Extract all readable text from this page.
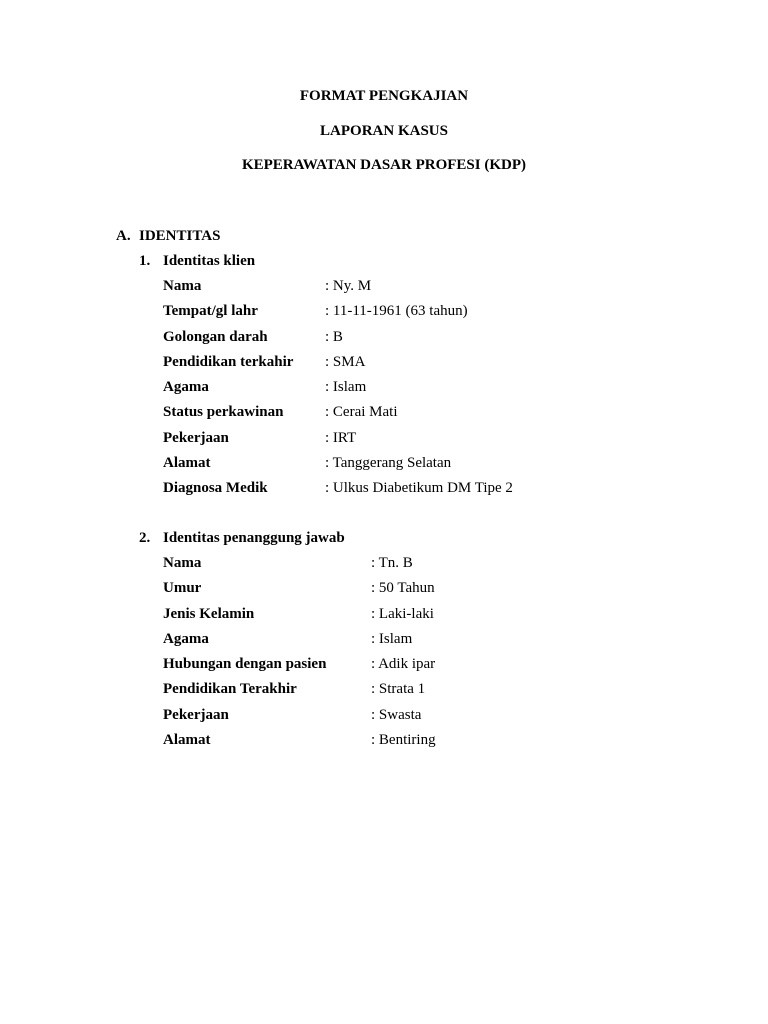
FORMAT PENGKAJIAN
LAPORAN KASUS
KEPERAWATAN DASAR PROFESI (KDP)
A. IDENTITAS
1. Identitas klien
Nama	: Ny. M
Tempat/gl lahr	: 11-11-1961 (63 tahun)
Golongan darah	: B
Pendidikan terkahir : SMA
Agama	: Islam
Status perkawinan	: Cerai Mati
Pekerjaan	: IRT
Alamat	: Tanggerang Selatan
Diagnosa Medik	: Ulkus Diabetikum DM Tipe 2
2. Identitas penanggung jawab
Nama	: Tn. B
Umur	: 50 Tahun
Jenis Kelamin	: Laki-laki
Agama	: Islam
Hubungan dengan pasien	: Adik ipar
Pendidikan Terakhir	: Strata 1
Pekerjaan	: Swasta
Alamat	: Bentiring
